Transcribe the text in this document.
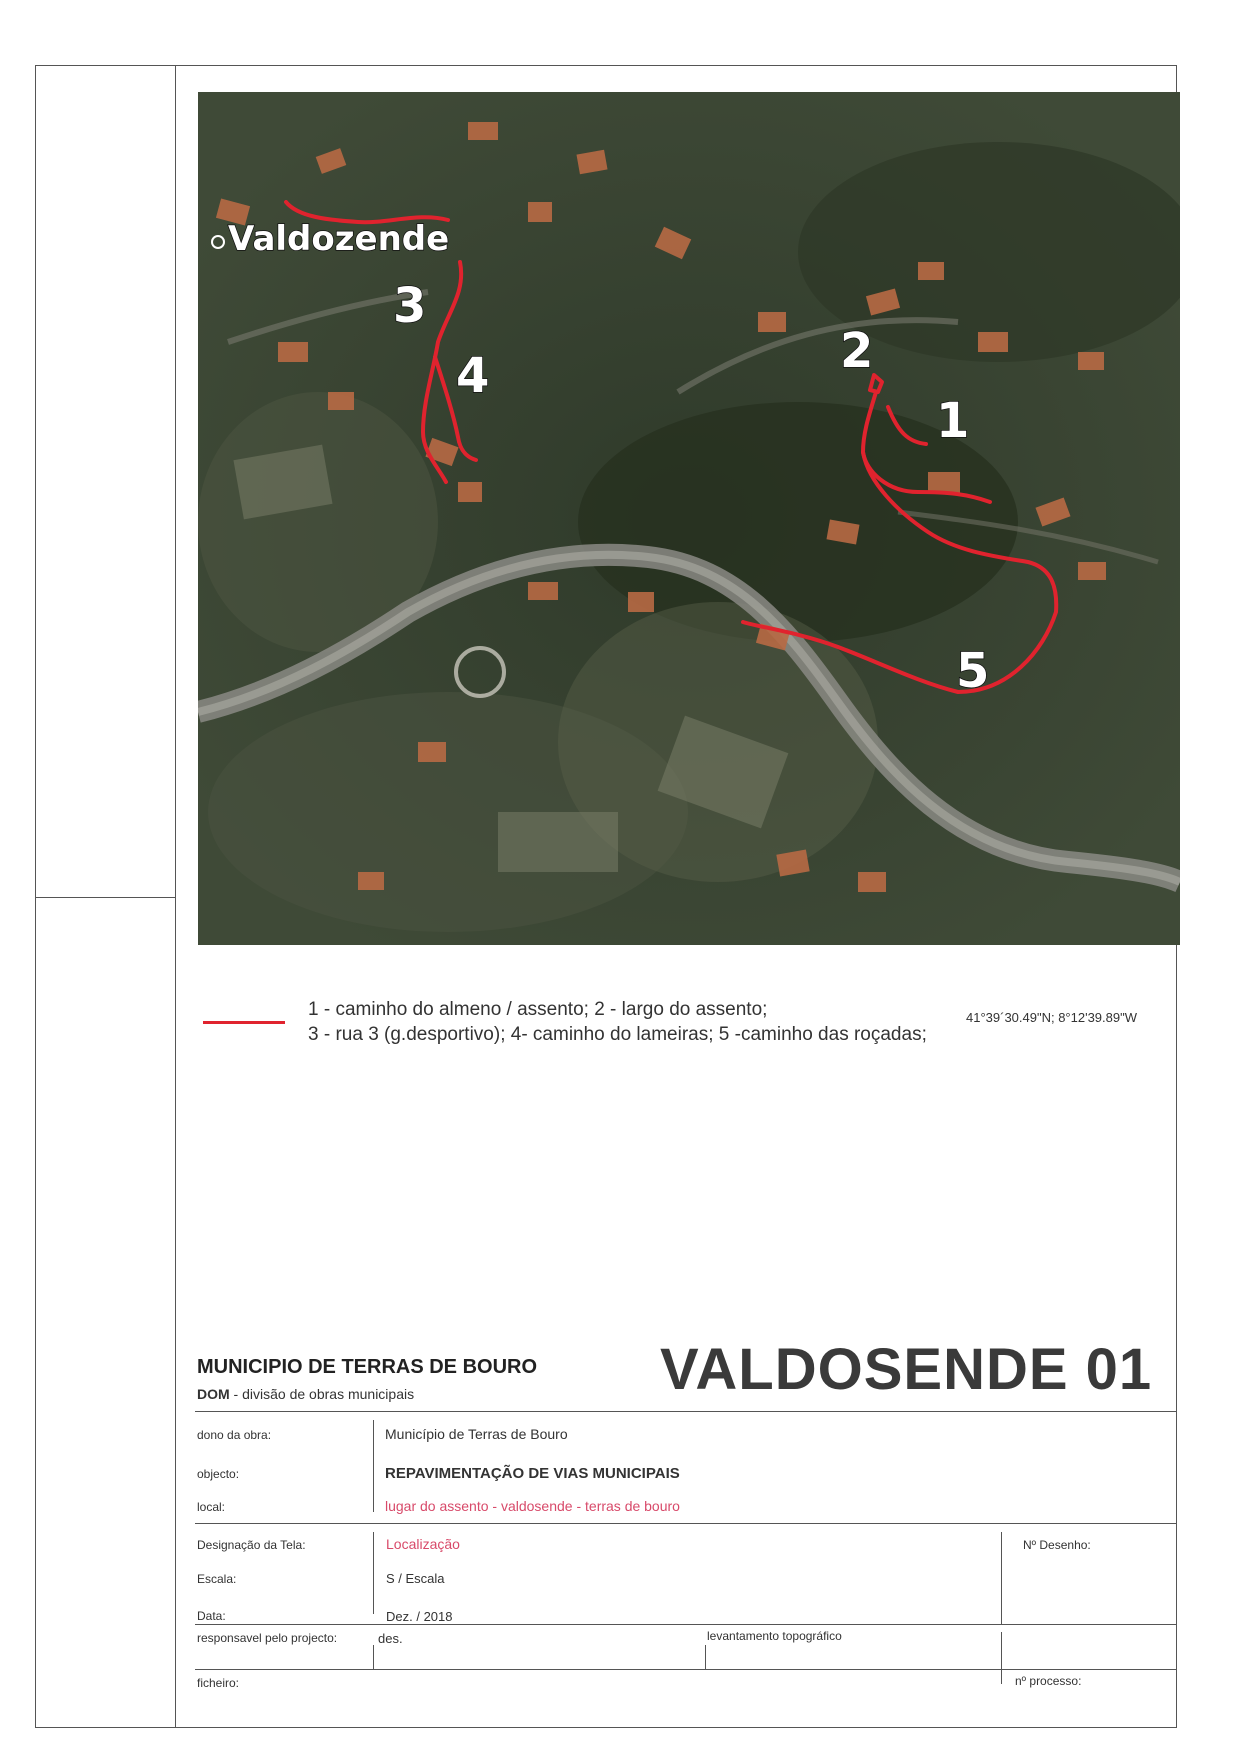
Valdozende
3
4	2
1
5
1 - caminho do almeno / assento; 2 - largo do assento;
3 - rua 3 (g.desportivo); 4- caminho do lameiras; 5 -caminho das roçadas;
41°39´30.49"N; 8°12'39.89"W
MUNICIPIO DE TERRAS DE BOURO
DOM - divisão de obras municipais	VALDOSENDE 01
dono da obra:	Município de Terras de Bouro
objecto:	REPAVIMENTAÇÃO DE VIAS MUNICIPAIS
local:	lugar do assento - valdosende - terras de bouro
Designação da Tela:	Localização	Nº Desenho:
Escala:	S / Escala
Data:	Dez. / 2018
responsavel pelo projecto:	des.	levantamento topográfico
ficheiro:	nº processo:
